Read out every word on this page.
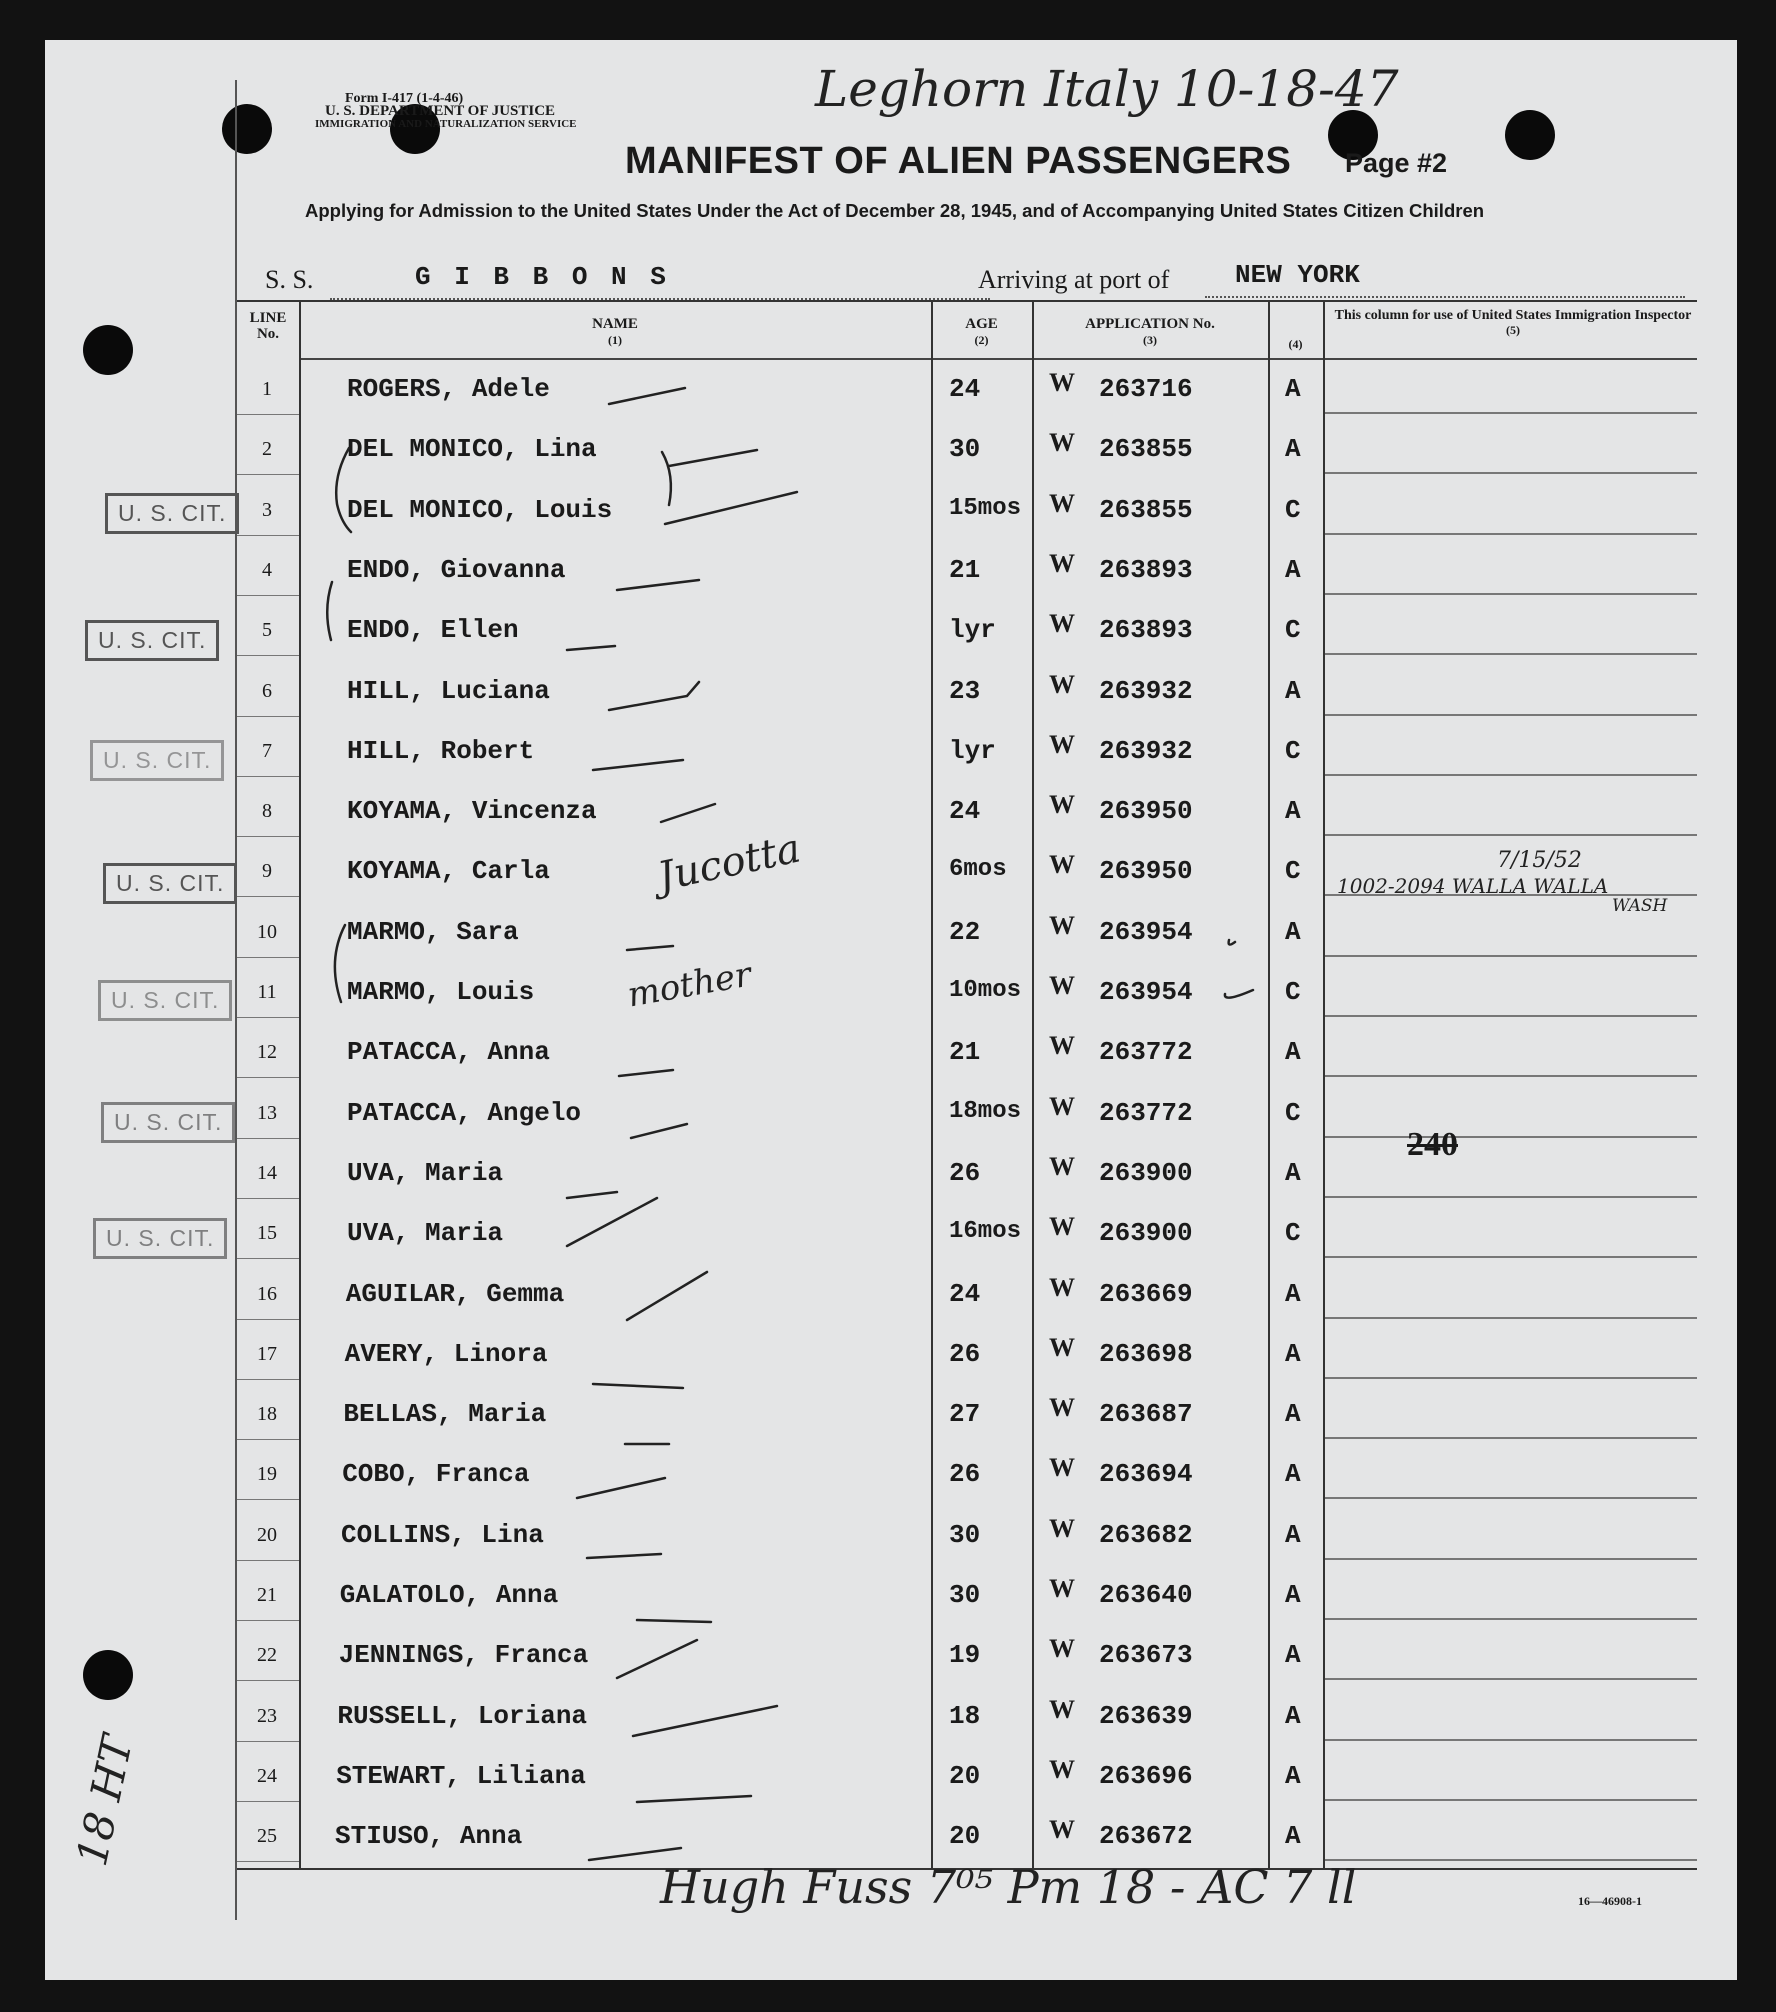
Form I-417 (1-4-46)
U. S. DEPARTMENT OF JUSTICE
IMMIGRATION AND NATURALIZATION SERVICE
Leghorn Italy 10-18-47
MANIFEST OF ALIEN PASSENGERS Page #2
Applying for Admission to the United States Under the Act of December 28, 1945, and of Accompanying United States Citizen Children
S. S.	G I B B O N S	Arriving at port of	NEW YORK
U. S. CIT.
U. S. CIT.
U. S. CIT.
U. S. CIT.
U. S. CIT.
U. S. CIT.
U. S. CIT.
18 HT
LINE No.
NAME
(1)
AGE
(2)
APPLICATION No.
(3)	(4)
This column for use of United States Immigration Inspector
(5)
1	ROGERS, Adele	24	W 263716	A
2	DEL MONICO, Lina	30	W 263855	A
3	DEL MONICO, Louis	15mos W 263855	C
4	ENDO, Giovanna	21	W 263893	A
5	ENDO, Ellen	lyr W 263893	C
6	HILL, Luciana	23	W 263932	A
7	HILL, Robert	lyr W 263932	C
8	KOYAMA, Vincenza	24	W 263950	A
9	KOYAMA, Carla	6mos W 263950	C
10	MARMO, Sara	22	W 263954	A
11	MARMO, Louis	10mos W 263954	C
12	PATACCA, Anna	21	W 263772	A
13	PATACCA, Angelo	18mos W 263772	C
14	UVA, Maria	26	W 263900	A
15	UVA, Maria	16mos W 263900	C
16	AGUILAR, Gemma	24	W 263669	A
17	AVERY, Linora	26	W 263698	A
18	BELLAS, Maria	27	W 263687	A
19	COBO, Franca	26	W 263694	A
20	COLLINS, Lina	30	W 263682	A
21	GALATOLO, Anna	30	W 263640	A
22	JENNINGS, Franca	19	W 263673	A
23	RUSSELL, Loriana	18	W 263639	A
24	STEWART, Liliana	20	W 263696	A
25	STIUSO, Anna	20	W 263672	A
7/15/52
1002-2094 WALLA WALLA
WASH
240
Jucotta
mother
Hugh Fuss 7⁰⁵ Pm 18 - AC 7 ll	16—46908-1
